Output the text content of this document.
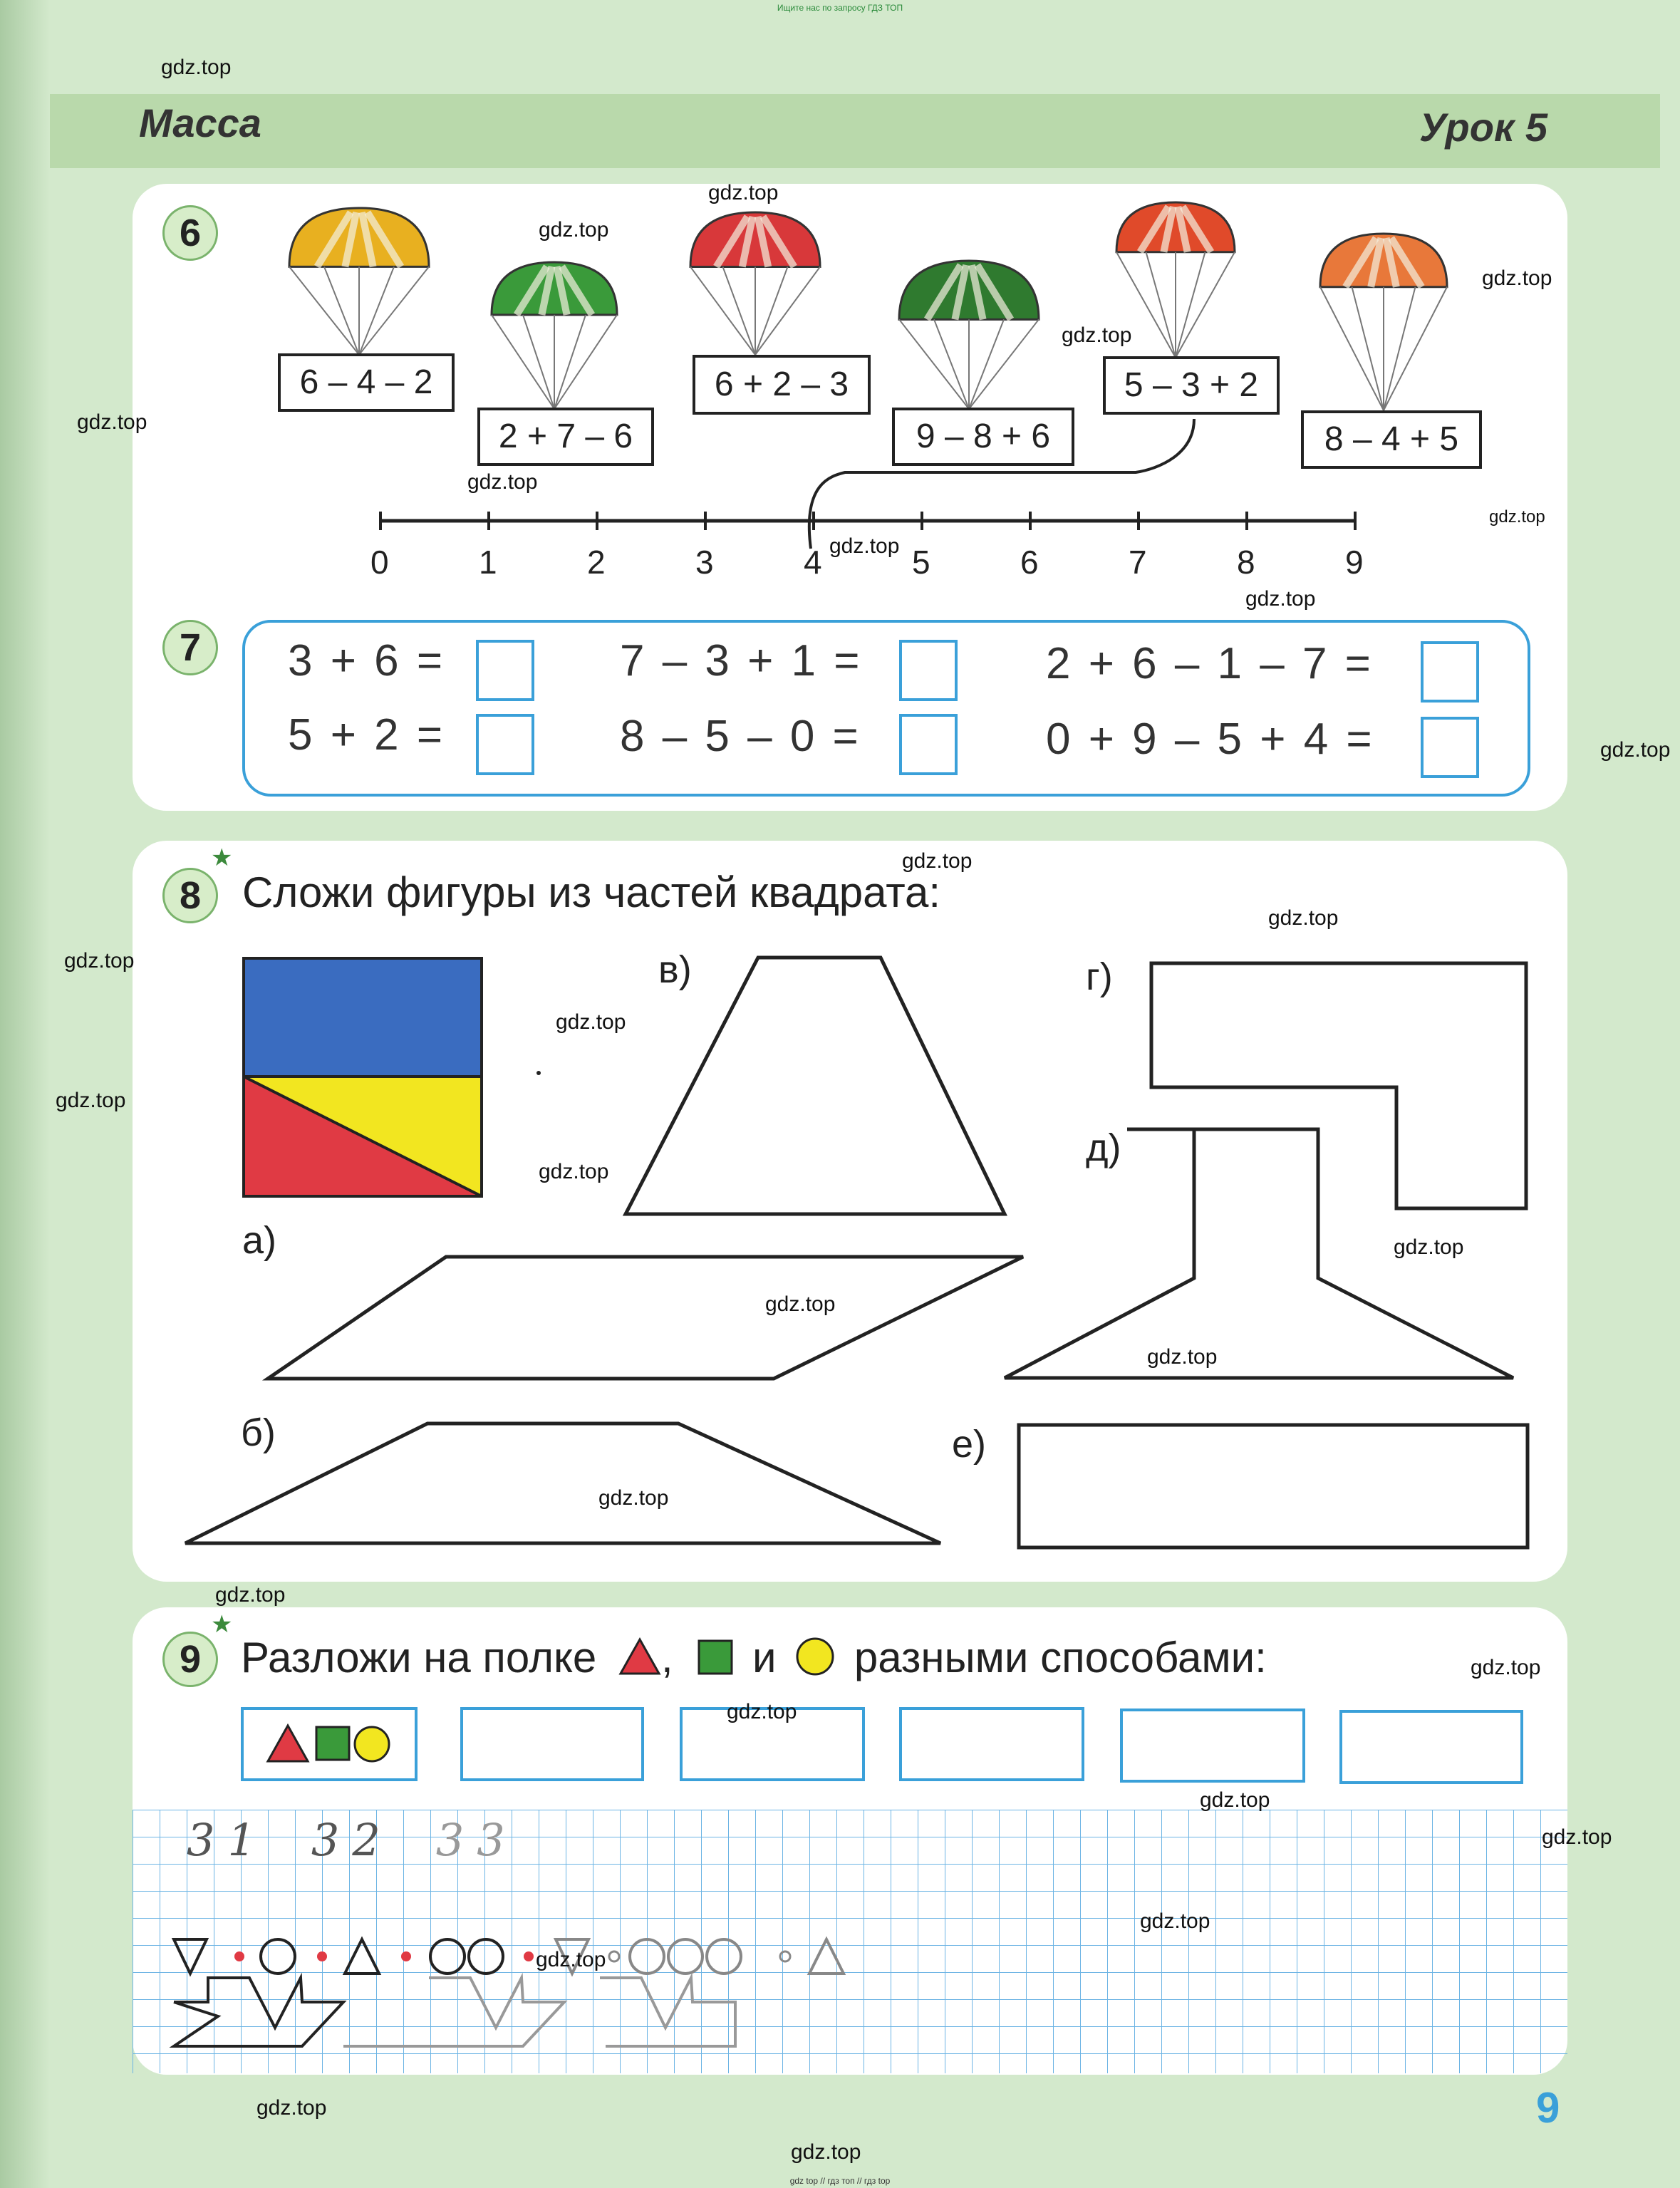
Ищите нас по запросу ГДЗ ТОП
Масса	Урок 5
6
6 – 4 – 2
2 + 7 – 6
6 + 2 – 3
9 – 8 + 6
5 – 3 + 2
8 – 4 + 5
0	1	2	3	4	5	6	7	8	9
7	3 + 6 =	7 – 3 + 1 =	2 + 6 – 1 – 7 =
5 + 2 =	8 – 5 – 0 =	0 + 9 – 5 + 4 =
★
8 Сложи фигуры из частей квадрата:
а)
б)
в)	г)
д)
е)
★
9 Разложи на полке , и разными способами:
31 32 33
9
gdz top // гдз топ // гдз top
gdz.top
gdz.top
gdz.top
gdz.top
gdz.top
gdz.top
gdz.top
gdz.top
gdz.top
gdz.top
gdz.top
gdz.top
gdz.top
gdz.top
gdz.top
gdz.top
gdz.top
gdz.top
gdz.top
gdz.top
gdz.top
gdz.top
gdz.top
gdz.top
gdz.top
gdz.top
gdz.top
gdz.top
gdz.top
gdz.top
